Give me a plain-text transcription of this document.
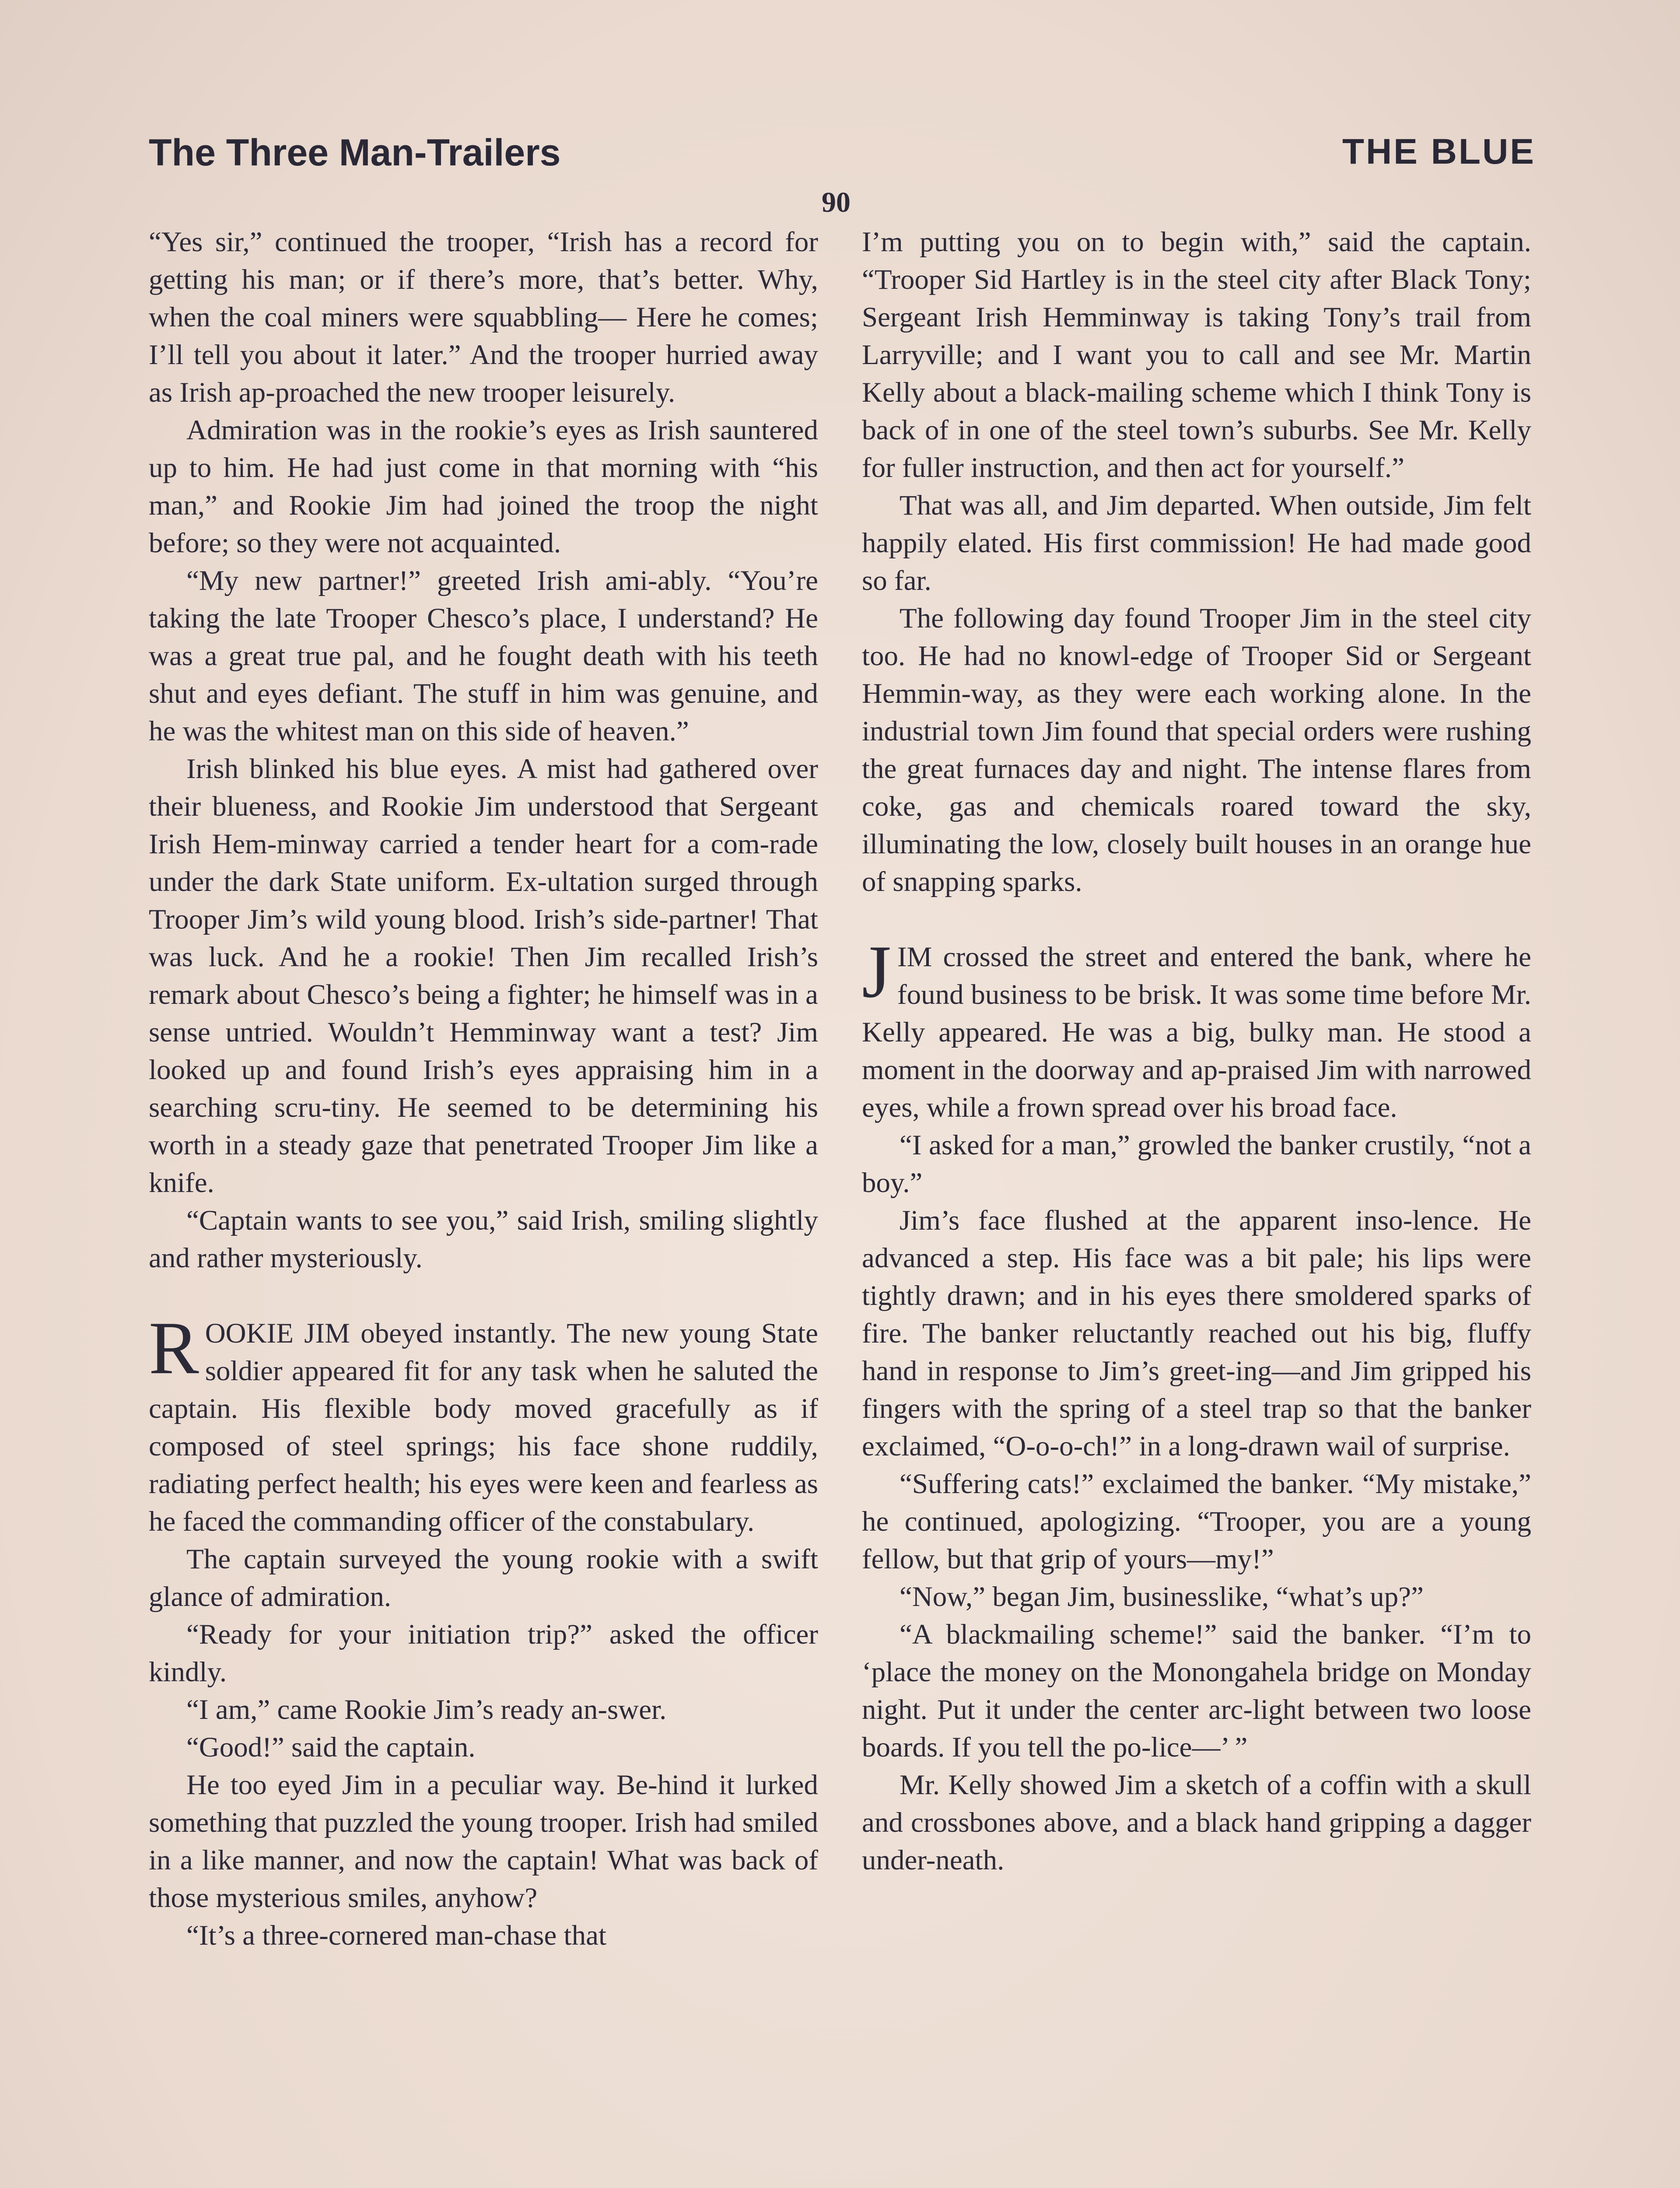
The Three Man-Trailers	THE BLUE
90

“Yes sir,” continued the trooper, “Irish has a record for getting his man; or if there’s more, that’s better. Why, when the coal miners were squabbling— Here he comes; I’ll tell you about it later.” And the trooper hurried away as Irish ap-proached the new trooper leisurely.

Admiration was in the rookie’s eyes as Irish sauntered up to him. He had just come in that morning with “his man,” and Rookie Jim had joined the troop the night before; so they were not acquainted.

“My new partner!” greeted Irish ami-ably. “You’re taking the late Trooper Chesco’s place, I understand? He was a great true pal, and he fought death with his teeth shut and eyes defiant. The stuff in him was genuine, and he was the whitest man on this side of heaven.”

Irish blinked his blue eyes. A mist had gathered over their blueness, and Rookie Jim understood that Sergeant Irish Hem-minway carried a tender heart for a com-rade under the dark State uniform. Ex-ultation surged through Trooper Jim’s wild young blood. Irish’s side-partner! That was luck. And he a rookie! Then Jim recalled Irish’s remark about Chesco’s being a fighter; he himself was in a sense untried. Wouldn’t Hemminway want a test? Jim looked up and found Irish’s eyes appraising him in a searching scru-tiny. He seemed to be determining his worth in a steady gaze that penetrated Trooper Jim like a knife.

“Captain wants to see you,” said Irish, smiling slightly and rather mysteriously.

ROOKIE JIM obeyed instantly. The new young State soldier appeared fit for any task when he saluted the captain. His flexible body moved gracefully as if composed of steel springs; his face shone ruddily, radiating perfect health; his eyes were keen and fearless as he faced the commanding officer of the constabulary.

The captain surveyed the young rookie with a swift glance of admiration.

“Ready for your initiation trip?” asked the officer kindly.

“I am,” came Rookie Jim’s ready an-swer.

“Good!” said the captain.

He too eyed Jim in a peculiar way. Be-hind it lurked something that puzzled the young trooper. Irish had smiled in a like manner, and now the captain! What was back of those mysterious smiles, anyhow?

“It’s a three-cornered man-chase that

I’m putting you on to begin with,” said the captain. “Trooper Sid Hartley is in the steel city after Black Tony; Sergeant Irish Hemminway is taking Tony’s trail from Larryville; and I want you to call and see Mr. Martin Kelly about a black-mailing scheme which I think Tony is back of in one of the steel town’s suburbs. See Mr. Kelly for fuller instruction, and then act for yourself.”

That was all, and Jim departed. When outside, Jim felt happily elated. His first commission! He had made good so far.

The following day found Trooper Jim in the steel city too. He had no knowl-edge of Trooper Sid or Sergeant Hemmin-way, as they were each working alone. In the industrial town Jim found that special orders were rushing the great furnaces day and night. The intense flares from coke, gas and chemicals roared toward the sky, illuminating the low, closely built houses in an orange hue of snapping sparks.

JIM crossed the street and entered the bank, where he found business to be brisk. It was some time before Mr. Kelly appeared. He was a big, bulky man. He stood a moment in the doorway and ap-praised Jim with narrowed eyes, while a frown spread over his broad face.

“I asked for a man,” growled the banker crustily, “not a boy.”

Jim’s face flushed at the apparent inso-lence. He advanced a step. His face was a bit pale; his lips were tightly drawn; and in his eyes there smoldered sparks of fire. The banker reluctantly reached out his big, fluffy hand in response to Jim’s greet-ing—and Jim gripped his fingers with the spring of a steel trap so that the banker exclaimed, “O-o-o-ch!” in a long-drawn wail of surprise.

“Suffering cats!” exclaimed the banker. “My mistake,” he continued, apologizing. “Trooper, you are a young fellow, but that grip of yours—my!”

“Now,” began Jim, businesslike, “what’s up?”

“A blackmailing scheme!” said the banker. “I’m to ‘place the money on the Monongahela bridge on Monday night. Put it under the center arc-light between two loose boards. If you tell the po-lice—’ ”

Mr. Kelly showed Jim a sketch of a coffin with a skull and crossbones above, and a black hand gripping a dagger under-neath.
